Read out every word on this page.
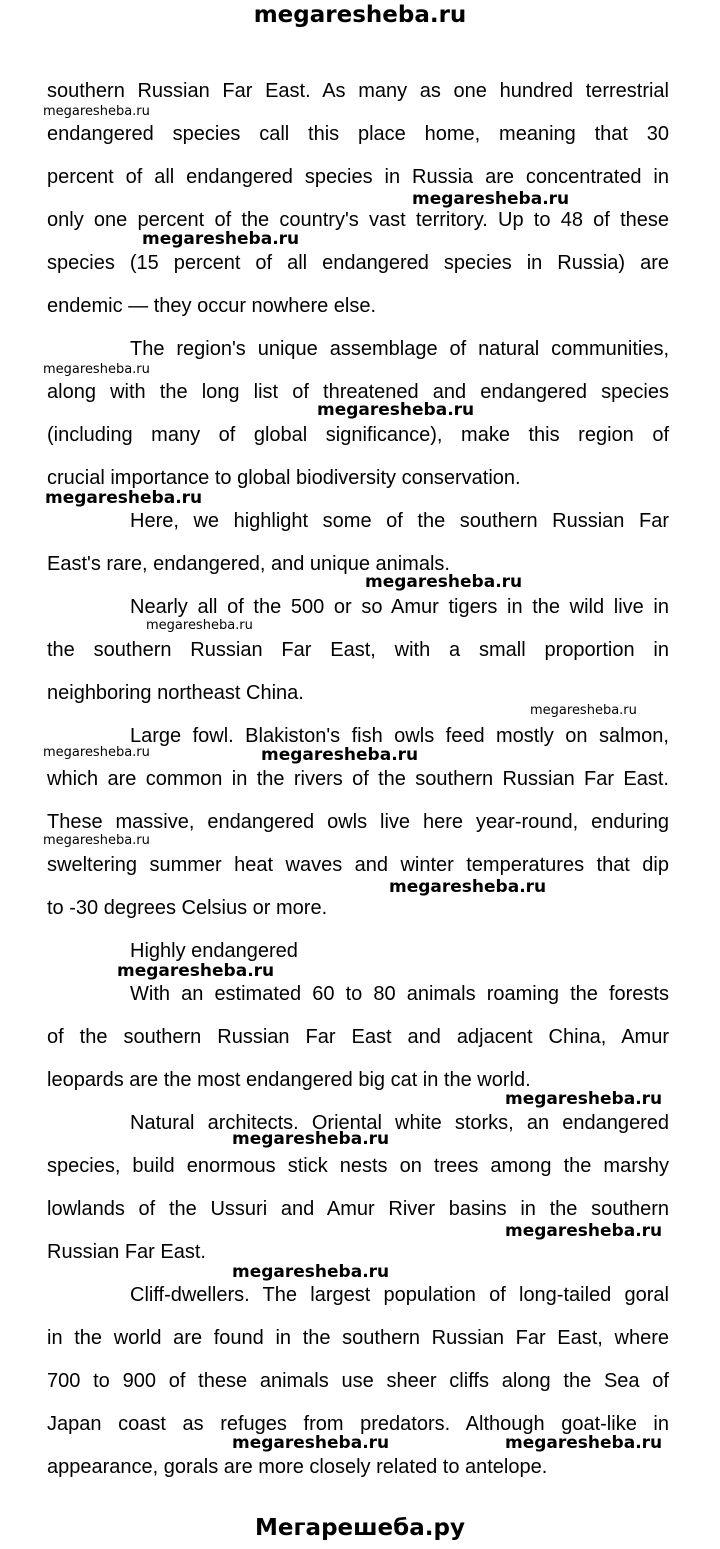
megaresheba.ru
southern Russian Far East. As many as one hundred terrestrial
endangered species call this place home, meaning that 30
percent of all endangered species in Russia are concentrated in
only one percent of the country's vast territory. Up to 48 of these
species (15 percent of all endangered species in Russia) are
endemic — they occur nowhere else.
The region's unique assemblage of natural communities,
along with the long list of threatened and endangered species
(including many of global significance), make this region of
crucial importance to global biodiversity conservation.
Here, we highlight some of the southern Russian Far
East's rare, endangered, and unique animals.
Nearly all of the 500 or so Amur tigers in the wild live in
the southern Russian Far East, with a small proportion in
neighboring northeast China.
Large fowl. Blakiston's fish owls feed mostly on salmon,
which are common in the rivers of the southern Russian Far East.
These massive, endangered owls live here year-round, enduring
sweltering summer heat waves and winter temperatures that dip
to -30 degrees Celsius or more.
Highly endangered
With an estimated 60 to 80 animals roaming the forests
of the southern Russian Far East and adjacent China, Amur
leopards are the most endangered big cat in the world.
Natural architects. Oriental white storks, an endangered
species, build enormous stick nests on trees among the marshy
lowlands of the Ussuri and Amur River basins in the southern
Russian Far East.
Cliff-dwellers. The largest population of long-tailed goral
in the world are found in the southern Russian Far East, where
700 to 900 of these animals use sheer cliffs along the Sea of
Japan coast as refuges from predators. Although goat-like in
appearance, gorals are more closely related to antelope.
megaresheba.ru
megaresheba.ru
megaresheba.ru
megaresheba.ru
megaresheba.ru
megaresheba.ru
megaresheba.ru
megaresheba.ru
megaresheba.ru
megaresheba.ru	megaresheba.ru
megaresheba.ru
megaresheba.ru
megaresheba.ru
megaresheba.ru
megaresheba.ru
megaresheba.ru
megaresheba.ru
megaresheba.ru	megaresheba.ru
Мегарешеба.ру
